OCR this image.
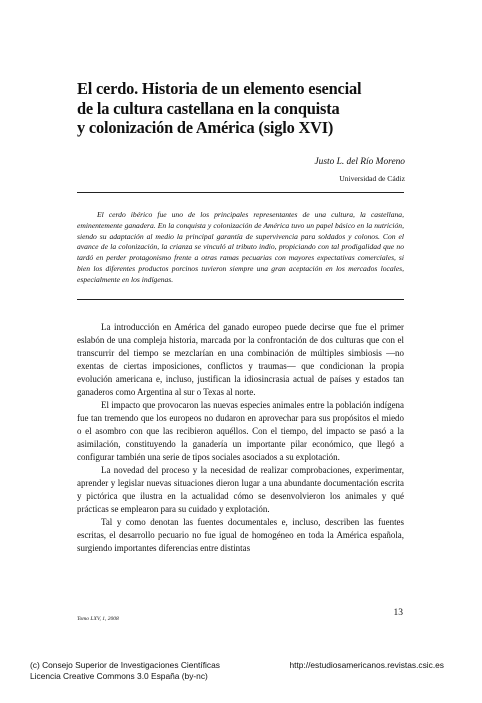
El cerdo. Historia de un elemento esencial
de la cultura castellana en la conquista
y colonización de América (siglo XVI)
Justo L. del Río Moreno
Universidad de Cádiz

El cerdo ibérico fue uno de los principales representantes de una cultura, la castellana, eminentemente ganadera. En la conquista y colonización de América tuvo un papel básico en la nutrición, siendo su adaptación al medio la principal garantía de supervivencia para soldados y colonos. Con el avance de la colonización, la crianza se vinculó al tributo indio, propiciando con tal prodigalidad que no tardó en perder protagonismo frente a otras ramas pecuarias con mayores expectativas comerciales, si bien los diferentes productos porcinos tuvieron siempre una gran aceptación en los mercados locales, especialmente en los indígenas.

La introducción en América del ganado europeo puede decirse que fue el primer eslabón de una compleja historia, marcada por la confrontación de dos culturas que con el transcurrir del tiempo se mezclarían en una combinación de múltiples simbiosis —no exentas de ciertas imposiciones, conflictos y traumas— que condicionan la propia evolución americana e, incluso, justifican la idiosincrasia actual de países y estados tan ganaderos como Argentina al sur o Texas al norte.

El impacto que provocaron las nuevas especies animales entre la población indígena fue tan tremendo que los europeos no dudaron en aprovechar para sus propósitos el miedo o el asombro con que las recibieron aquéllos. Con el tiempo, del impacto se pasó a la asimilación, constituyendo la ganadería un importante pilar económico, que llegó a configurar también una serie de tipos sociales asociados a su explotación.

La novedad del proceso y la necesidad de realizar comprobaciones, experimentar, aprender y legislar nuevas situaciones dieron lugar a una abundante documentación escrita y pictórica que ilustra en la actualidad cómo se desenvolvieron los animales y qué prácticas se emplearon para su cuidado y explotación.

Tal y como denotan las fuentes documentales e, incluso, describen las fuentes escritas, el desarrollo pecuario no fue igual de homogéneo en toda la América española, surgiendo importantes diferencias entre distintas

Tomo LXV, 1, 2008
13
(c) Consejo Superior de Investigaciones Científicas
Licencia Creative Commons 3.0 España (by-nc)
http://estudiosamericanos.revistas.csic.es
